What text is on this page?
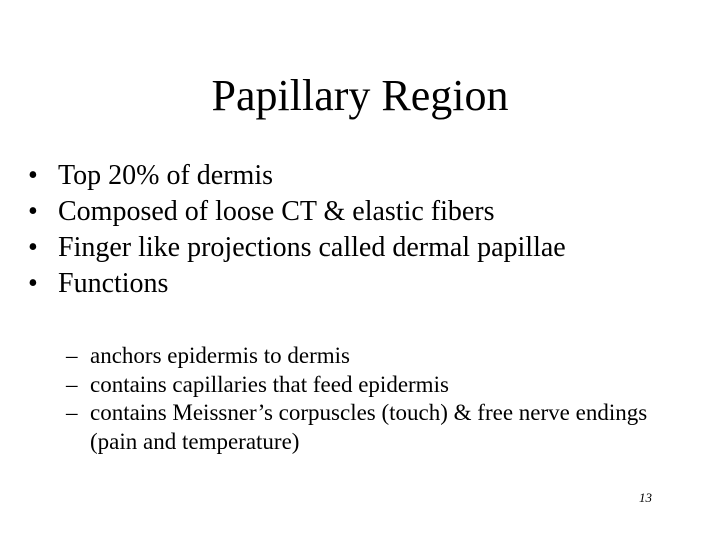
Papillary Region
• Top 20% of dermis
• Composed of loose CT & elastic fibers
• Finger like projections called dermal papillae
• Functions
– anchors epidermis to dermis
– contains capillaries that feed epidermis
– contains Meissner’s corpuscles (touch) & free nerve endings (pain and temperature)
13
